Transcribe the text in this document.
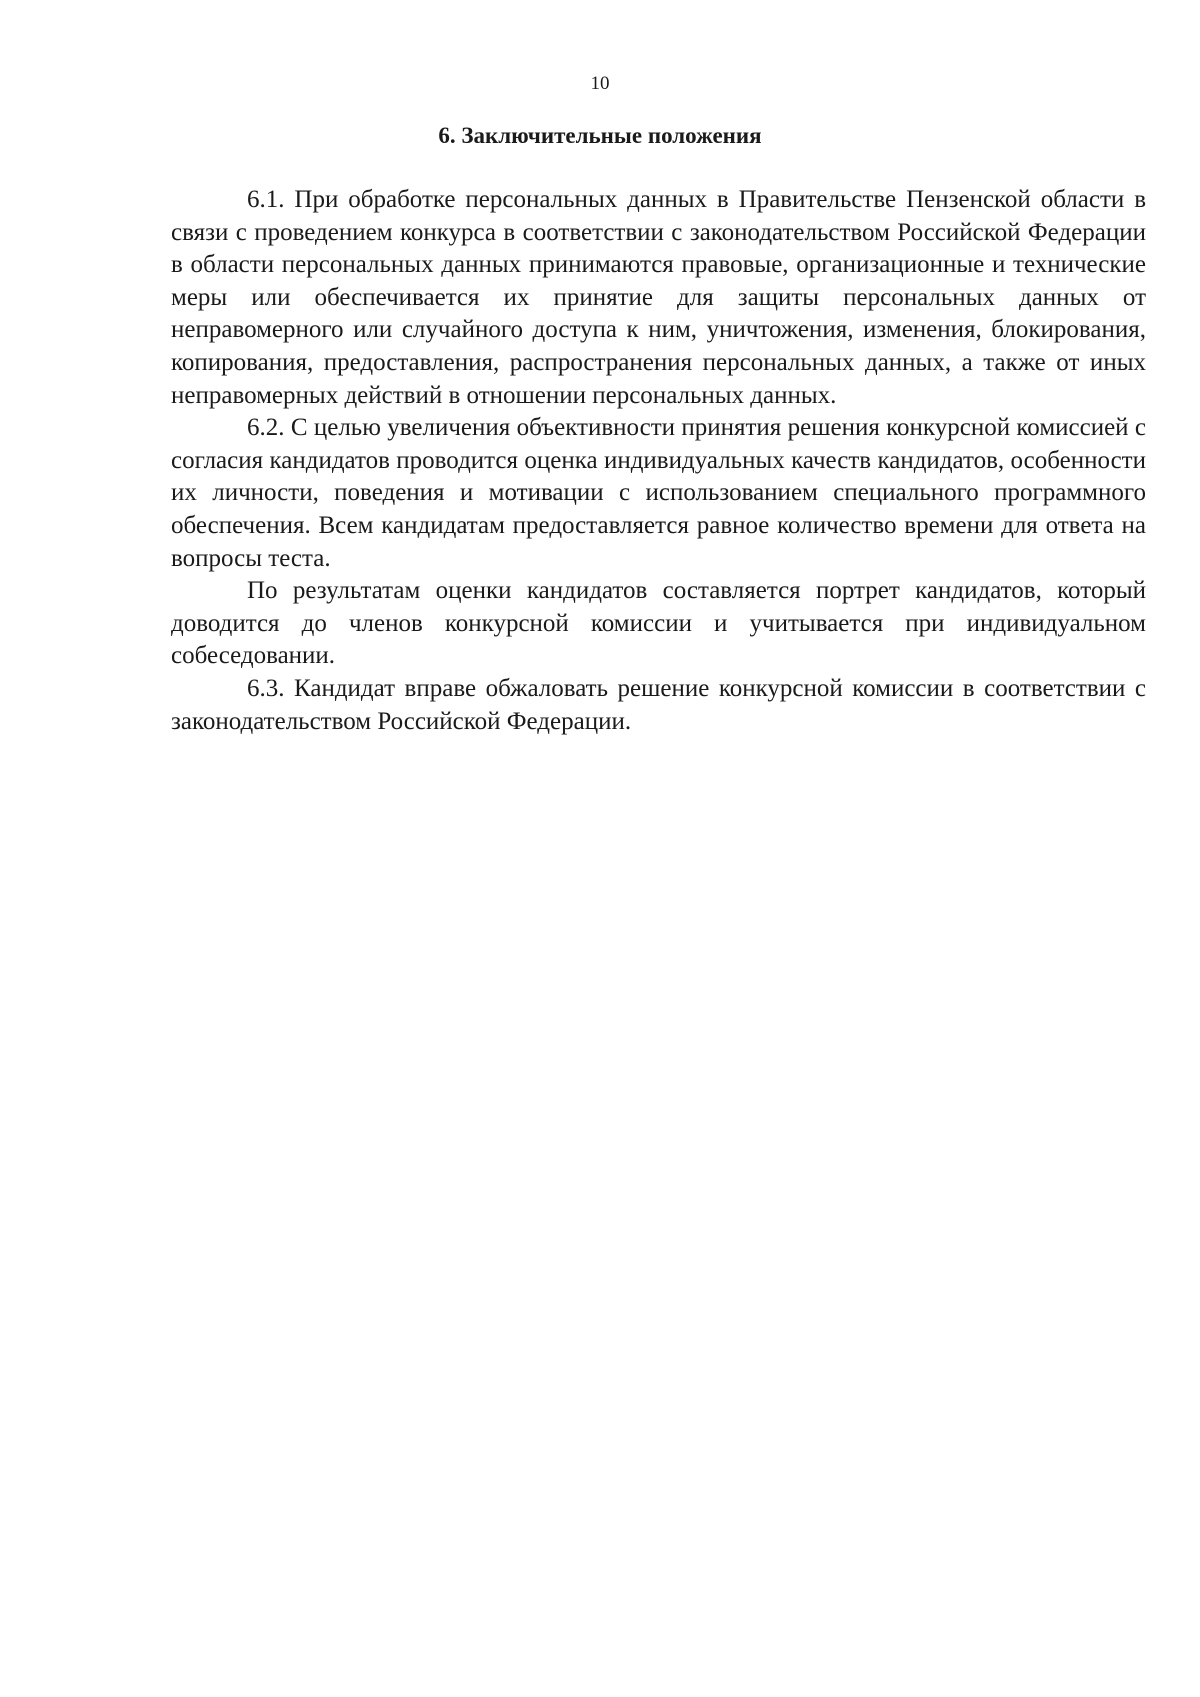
10
6. Заключительные положения

6.1. При обработке персональных данных в Правительстве Пензенской области в связи с проведением конкурса в соответствии с законодательством Российской Федерации в области персональных данных принимаются правовые, организационные и технические меры или обеспечивается их принятие для защиты персональных данных от неправомерного или случайного доступа к ним, уничтожения, изменения, блокирования, копирования, предоставления, распространения персональных данных, а также от иных неправомерных действий в отношении персональных данных.

6.2. С целью увеличения объективности принятия решения конкурсной комиссией с согласия кандидатов проводится оценка индивидуальных качеств кандидатов, особенности их личности, поведения и мотивации с использованием специального программного обеспечения. Всем кандидатам предоставляется равное количество времени для ответа на вопросы теста.

По результатам оценки кандидатов составляется портрет кандидатов, который доводится до членов конкурсной комиссии и учитывается при индивидуальном собеседовании.

6.3. Кандидат вправе обжаловать решение конкурсной комиссии в соответствии с законодательством Российской Федерации.
